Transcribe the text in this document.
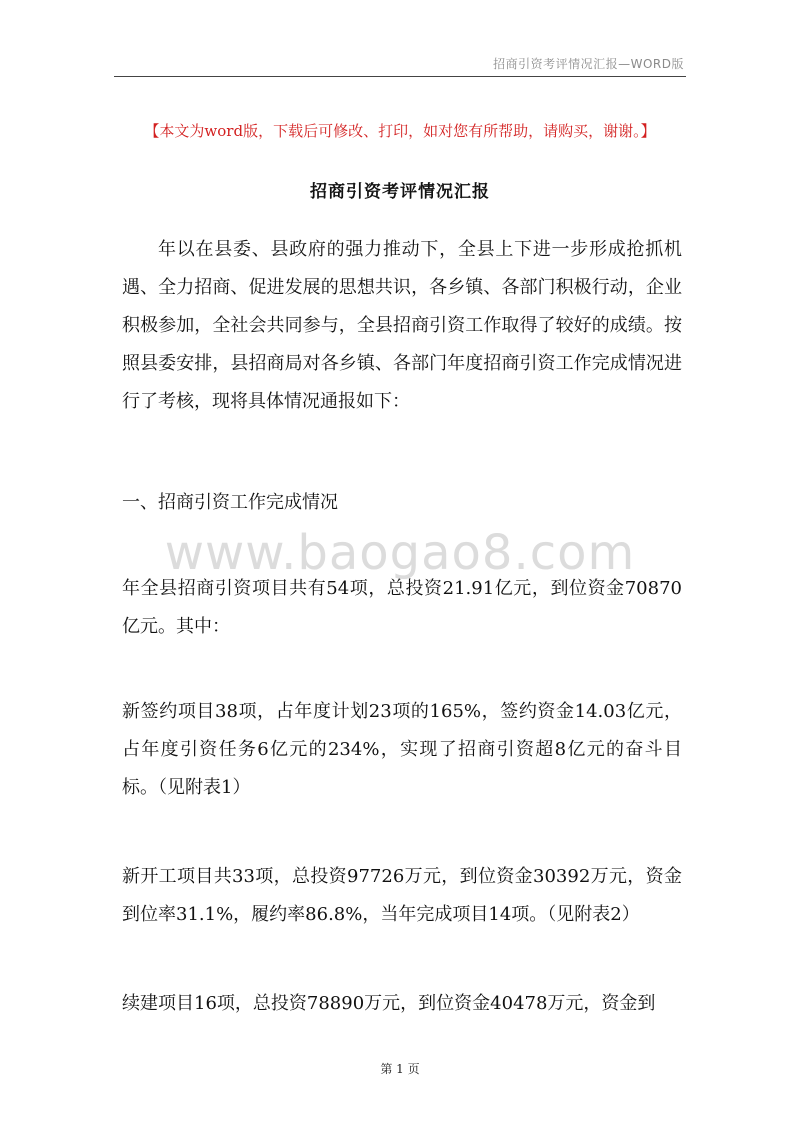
招商引资考评情况汇报—WORD版
【本文为word版，下载后可修改、打印，如对您有所帮助，请购买，谢谢。】
招商引资考评情况汇报
年以在县委、县政府的强力推动下，全县上下进一步形成抢抓机遇、全力招商、促进发展的思想共识，各乡镇、各部门积极行动，企业积极参加，全社会共同参与，全县招商引资工作取得了较好的成绩。按照县委安排，县招商局对各乡镇、各部门年度招商引资工作完成情况进行了考核，现将具体情况通报如下：
一、招商引资工作完成情况
www.baogao8.com
年全县招商引资项目共有54项，总投资21.91亿元，到位资金70870亿元。其中：
新签约项目38项，占年度计划23项的165%，签约资金14.03亿元，占年度引资任务6亿元的234%，实现了招商引资超8亿元的奋斗目标。（见附表1）
新开工项目共33项，总投资97726万元，到位资金30392万元，资金到位率31.1%，履约率86.8%，当年完成项目14项。（见附表2）
续建项目16项，总投资78890万元，到位资金40478万元，资金到
第 1 页
